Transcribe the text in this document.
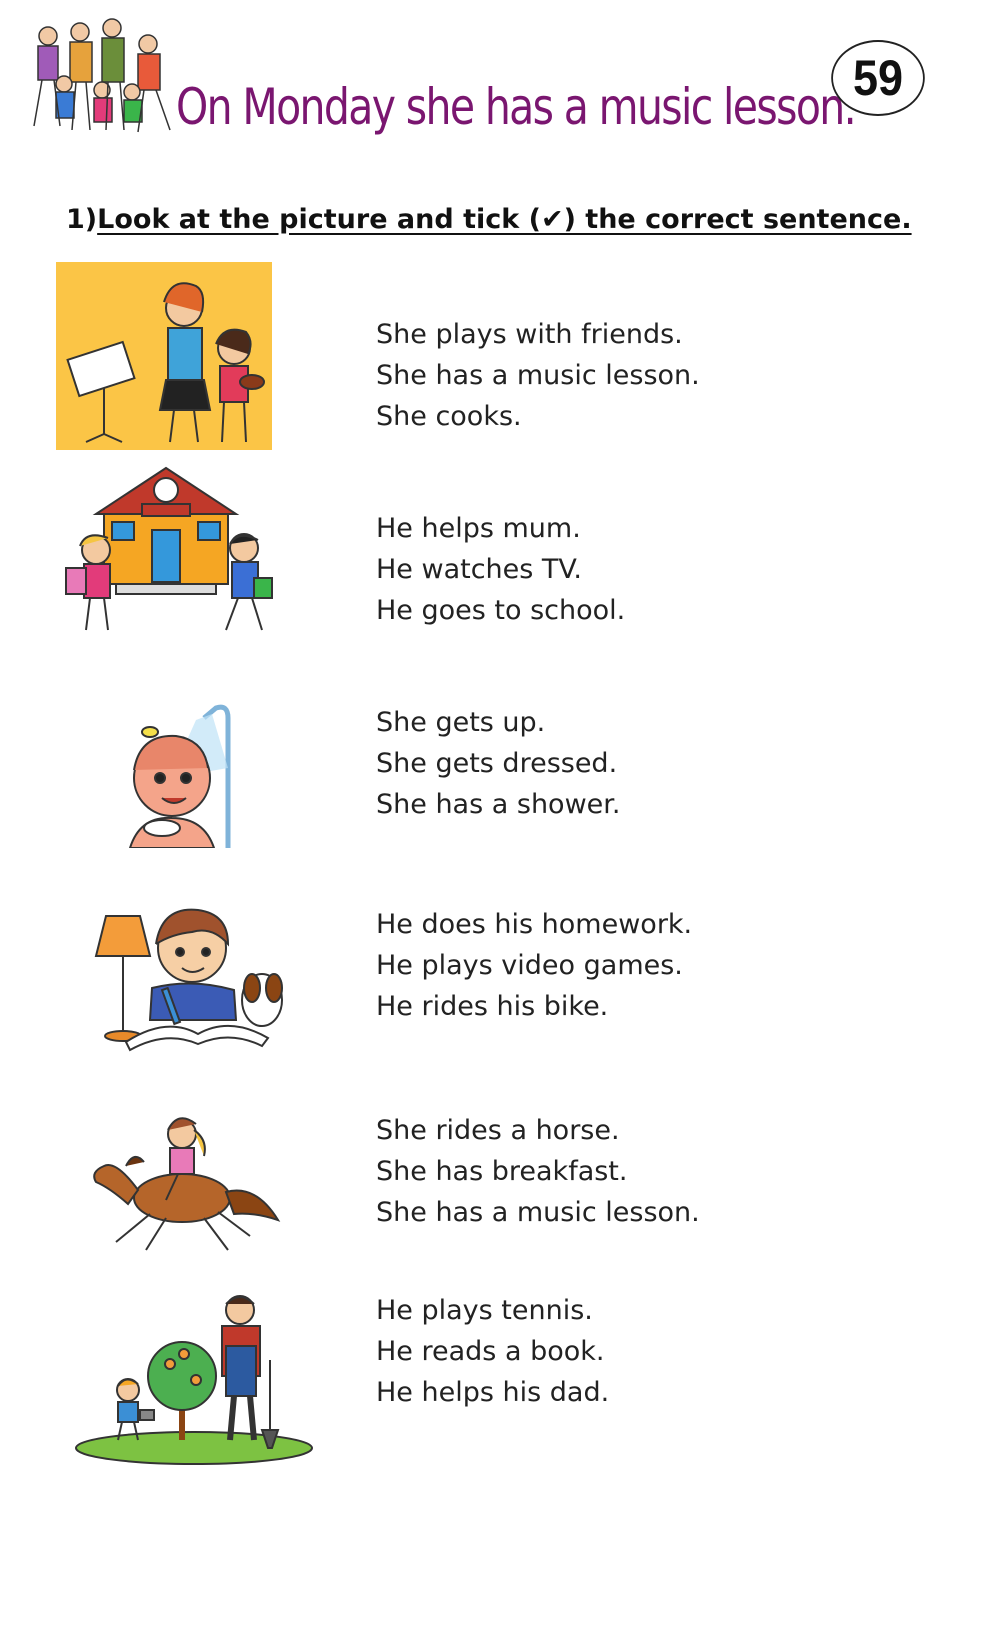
On Monday she has a music lesson.
59
1)Look at the picture and tick (✔) the correct sentence.
She plays with friends.
She has a music lesson.
She cooks.
He helps mum.
He watches TV.
He goes to school.
She gets up.
She gets dressed.
She has a shower.
He does his homework.
He plays video games.
He rides his bike.
She rides a horse.
She has breakfast.
She has a music lesson.
He plays tennis.
He reads a book.
He helps his dad.
